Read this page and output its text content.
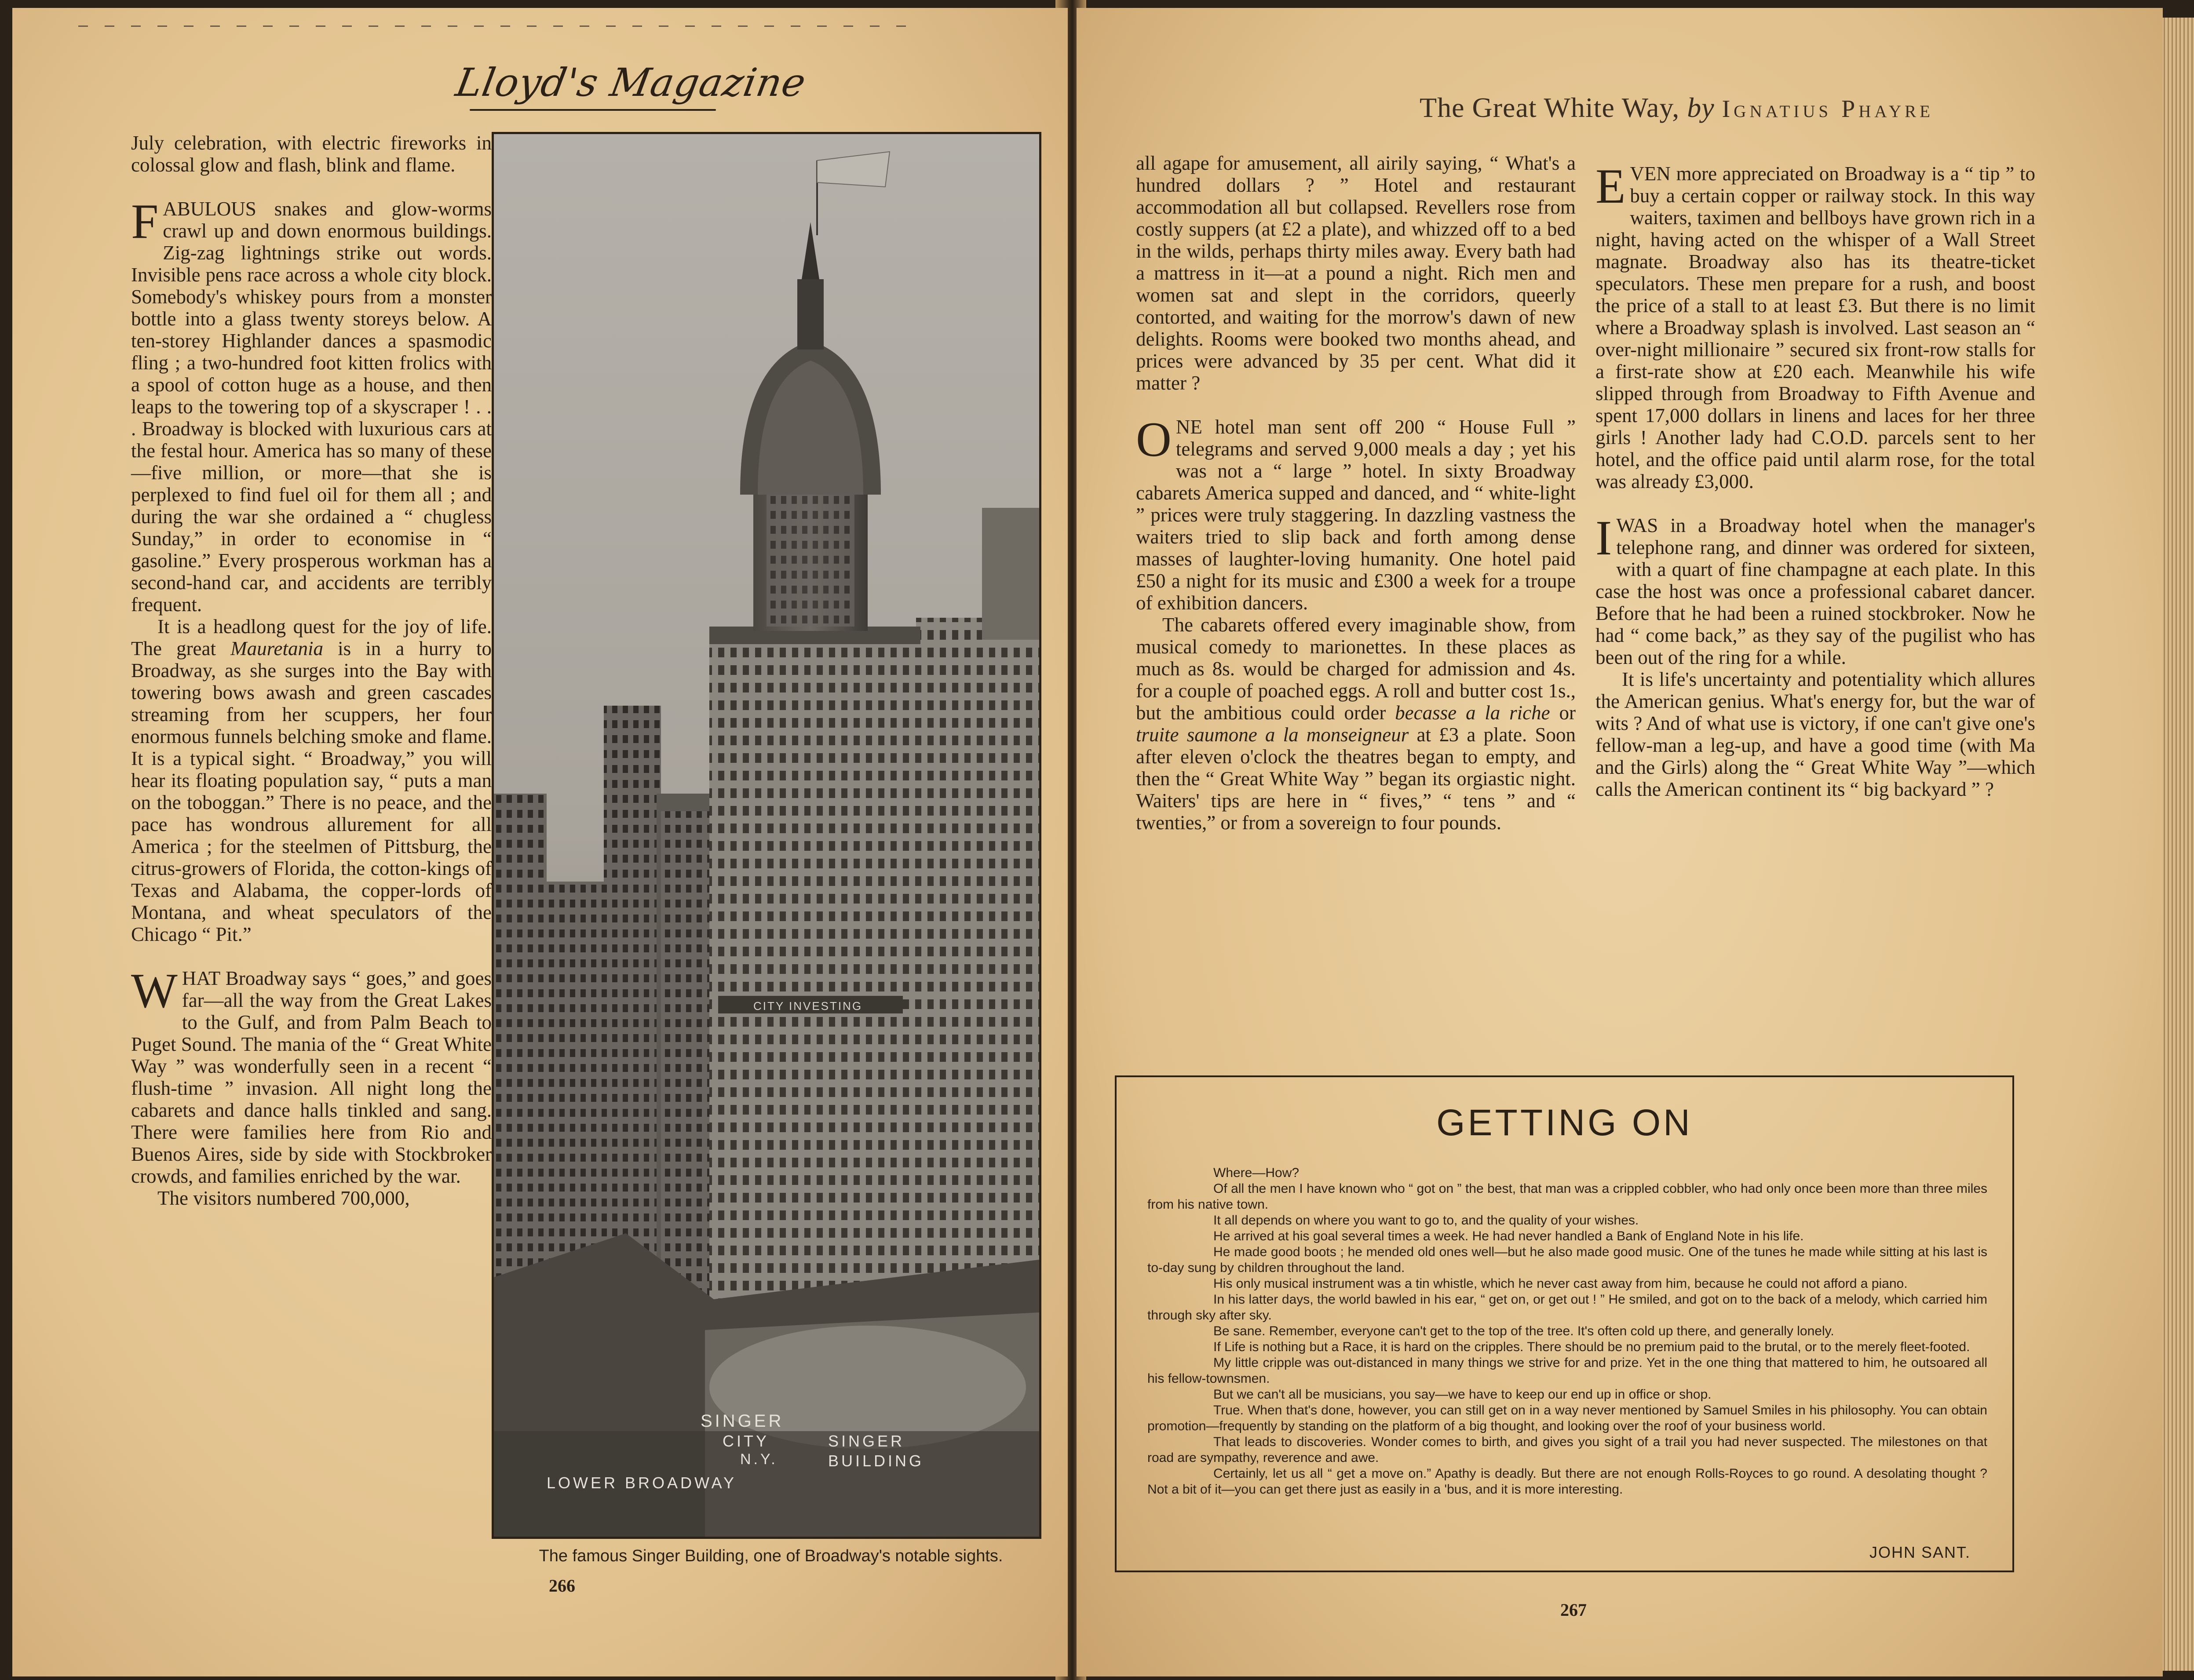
Lloyd's Magazine

July celebration, with electric fireworks in colossal glow and flash, blink and flame.

FABULOUS snakes and glow-worms crawl up and down enormous buildings. Zig-zag lightnings strike out words. Invisible pens race across a whole city block. Somebody's whiskey pours from a monster bottle into a glass twenty storeys below. A ten-storey Highlander dances a spasmodic fling ; a two-hundred foot kitten frolics with a spool of cotton huge as a house, and then leaps to the towering top of a skyscraper ! . . . Broadway is blocked with luxurious cars at the festal hour. America has so many of these—five million, or more—that she is perplexed to find fuel oil for them all ; and during the war she ordained a “ chugless Sunday,” in order to economise in “ gasoline.” Every prosperous workman has a second-hand car, and accidents are terribly frequent.

It is a headlong quest for the joy of life. The great Mauretania is in a hurry to Broadway, as she surges into the Bay with towering bows awash and green cascades streaming from her scuppers, her four enormous funnels belching smoke and flame. It is a typical sight. “ Broadway,” you will hear its floating population say, “ puts a man on the toboggan.” There is no peace, and the pace has wondrous allurement for all America ; for the steelmen of Pittsburg, the citrus-growers of Florida, the cotton-kings of Texas and Alabama, the copper-lords of Montana, and wheat speculators of the Chicago “ Pit.”

WHAT Broadway says “ goes,” and goes far—all the way from the Great Lakes to the Gulf, and from Palm Beach to Puget Sound. The mania of the “ Great White Way ” was wonderfully seen in a recent “ flush-time ” invasion. All night long the cabarets and dance halls tinkled and sang. There were families here from Rio and Buenos Aires, side by side with Stockbroker crowds, and families enriched by the war.

The visitors numbered 700,000,

SINGER
CITY
N.Y.
SINGER
BUILDING
LOWER BROADWAY
CITY INVESTING
The famous Singer Building, one of Broadway's notable sights.
266
The Great White Way, by Ignatius Phayre

all agape for amusement, all airily saying, “ What's a hundred dollars ? ” Hotel and restaurant accommodation all but collapsed. Revellers rose from costly suppers (at £2 a plate), and whizzed off to a bed in the wilds, perhaps thirty miles away. Every bath had a mattress in it—at a pound a night. Rich men and women sat and slept in the corridors, queerly contorted, and waiting for the morrow's dawn of new delights. Rooms were booked two months ahead, and prices were advanced by 35 per cent. What did it matter ?

ONE hotel man sent off 200 “ House Full ” telegrams and served 9,000 meals a day ; yet his was not a “ large ” hotel. In sixty Broadway cabarets America supped and danced, and “ white-light ” prices were truly staggering. In dazzling vastness the waiters tried to slip back and forth among dense masses of laughter-loving humanity. One hotel paid £50 a night for its music and £300 a week for a troupe of exhibition dancers.

The cabarets offered every imaginable show, from musical comedy to marionettes. In these places as much as 8s. would be charged for admission and 4s. for a couple of poached eggs. A roll and butter cost 1s., but the ambitious could order becasse a la riche or truite saumone a la monseigneur at £3 a plate. Soon after eleven o'clock the theatres began to empty, and then the “ Great White Way ” began its orgiastic night. Waiters' tips are here in “ fives,” “ tens ” and “ twenties,” or from a sovereign to four pounds.

EVEN more appreciated on Broadway is a “ tip ” to buy a certain copper or railway stock. In this way waiters, taximen and bellboys have grown rich in a night, having acted on the whisper of a Wall Street magnate. Broadway also has its theatre-ticket speculators. These men prepare for a rush, and boost the price of a stall to at least £3. But there is no limit where a Broadway splash is involved. Last season an “ over-night millionaire ” secured six front-row stalls for a first-rate show at £20 each. Meanwhile his wife slipped through from Broadway to Fifth Avenue and spent 17,000 dollars in linens and laces for her three girls ! Another lady had C.O.D. parcels sent to her hotel, and the office paid until alarm rose, for the total was already £3,000.

I WAS in a Broadway hotel when the manager's telephone rang, and dinner was ordered for sixteen, with a quart of fine champagne at each plate. In this case the host was once a professional cabaret dancer. Before that he had been a ruined stockbroker. Now he had “ come back,” as they say of the pugilist who has been out of the ring for a while.

It is life's uncertainty and potentiality which allures the American genius. What's energy for, but the war of wits ? And of what use is victory, if one can't give one's fellow-man a leg-up, and have a good time (with Ma and the Girls) along the “ Great White Way ”—which calls the American continent its “ big backyard ” ?

GETTING ON

Where—How?

Of all the men I have known who “ got on ” the best, that man was a crippled cobbler, who had only once been more than three miles from his native town.

It all depends on where you want to go to, and the quality of your wishes.

He arrived at his goal several times a week. He had never handled a Bank of England Note in his life.

He made good boots ; he mended old ones well—but he also made good music. One of the tunes he made while sitting at his last is to-day sung by children throughout the land.

His only musical instrument was a tin whistle, which he never cast away from him, because he could not afford a piano.

In his latter days, the world bawled in his ear, “ get on, or get out ! ” He smiled, and got on to the back of a melody, which carried him through sky after sky.

Be sane. Remember, everyone can't get to the top of the tree. It's often cold up there, and generally lonely.

If Life is nothing but a Race, it is hard on the cripples. There should be no premium paid to the brutal, or to the merely fleet-footed.

My little cripple was out-distanced in many things we strive for and prize. Yet in the one thing that mattered to him, he outsoared all his fellow-townsmen.

But we can't all be musicians, you say—we have to keep our end up in office or shop.

True. When that's done, however, you can still get on in a way never mentioned by Samuel Smiles in his philosophy. You can obtain promotion—frequently by standing on the platform of a big thought, and looking over the roof of your business world.

That leads to discoveries. Wonder comes to birth, and gives you sight of a trail you had never suspected. The milestones on that road are sympathy, reverence and awe.

Certainly, let us all “ get a move on.” Apathy is deadly. But there are not enough Rolls-Royces to go round. A desolating thought ? Not a bit of it—you can get there just as easily in a 'bus, and it is more interesting.

JOHN SANT.
267
